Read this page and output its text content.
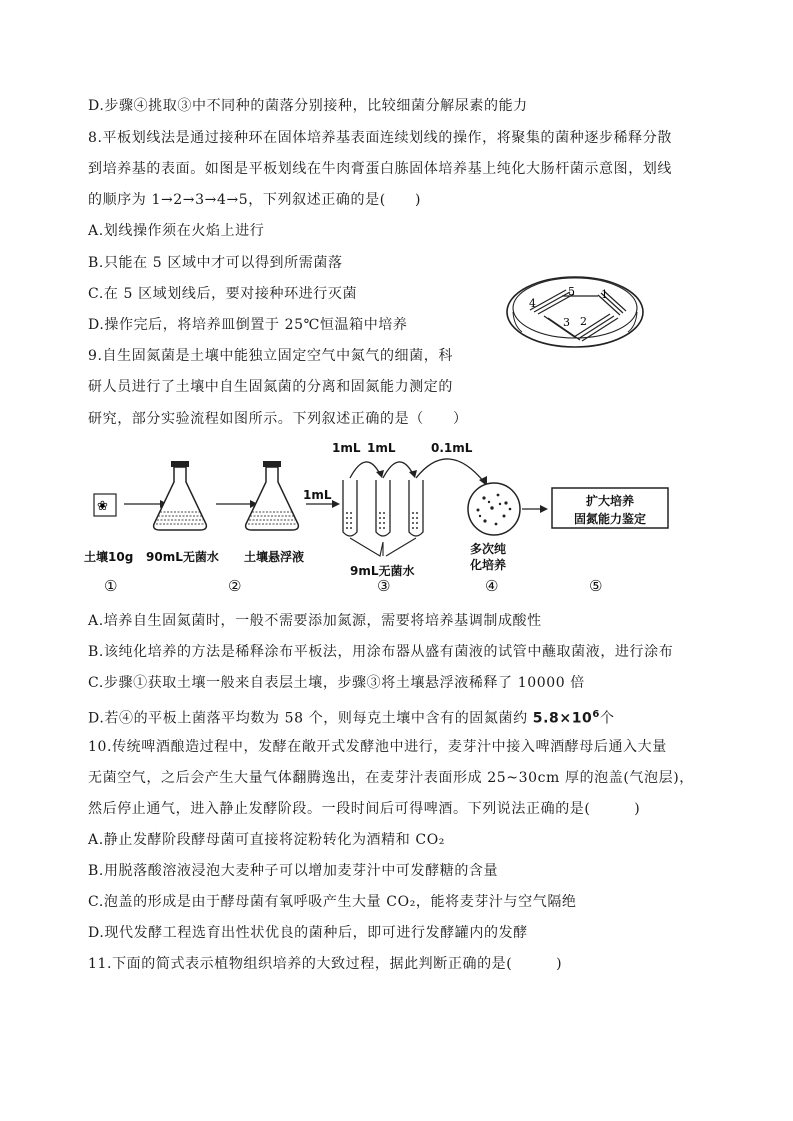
D.步骤④挑取③中不同种的菌落分别接种，比较细菌分解尿素的能力
8.平板划线法是通过接种环在固体培养基表面连续划线的操作，将聚集的菌种逐步稀释分散
到培养基的表面。如图是平板划线在牛肉膏蛋白胨固体培养基上纯化大肠杆菌示意图，划线
的顺序为 1→2→3→4→5，下列叙述正确的是(　　)
A.划线操作须在火焰上进行
B.只能在 5 区域中才可以得到所需菌落
C.在 5 区域划线后，要对接种环进行灭菌
D.操作完后，将培养皿倒置于 25℃恒温箱中培养
9.自生固氮菌是土壤中能独立固定空气中氮气的细菌，科
研人员进行了土壤中自生固氮菌的分离和固氮能力测定的
研究，部分实验流程如图所示。下列叙述正确的是（　　）
1
2
3
4
5
❀
1mL 1mL	0.1mL
1mL	扩大培养
固氮能力鉴定
土壤10g 90mL无菌水 土壤悬浮液
多次纯
化培养
9mL无菌水
①	②	③	④	⑤
A.培养自生固氮菌时，一般不需要添加氮源，需要将培养基调制成酸性
B.该纯化培养的方法是稀释涂布平板法，用涂布器从盛有菌液的试管中蘸取菌液，进行涂布
C.步骤①获取土壤一般来自表层土壤，步骤③将土壤悬浮液稀释了 10000 倍
D.若④的平板上菌落平均数为 58 个，则每克土壤中含有的固氮菌约 $5.8\times 10^6$个
10.传统啤酒酿造过程中，发酵在敞开式发酵池中进行，麦芽汁中接入啤酒酵母后通入大量
无菌空气，之后会产生大量气体翻腾逸出，在麦芽汁表面形成 25~30cm 厚的泡盖(气泡层)，
然后停止通气，进入静止发酵阶段。一段时间后可得啤酒。下列说法正确的是(　　　)
A.静止发酵阶段酵母菌可直接将淀粉转化为酒精和 CO₂
B.用脱落酸溶液浸泡大麦种子可以增加麦芽汁中可发酵糖的含量
C.泡盖的形成是由于酵母菌有氧呼吸产生大量 CO₂，能将麦芽汁与空气隔绝
D.现代发酵工程选育出性状优良的菌种后，即可进行发酵罐内的发酵
11.下面的简式表示植物组织培养的大致过程，据此判断正确的是(　　　)
